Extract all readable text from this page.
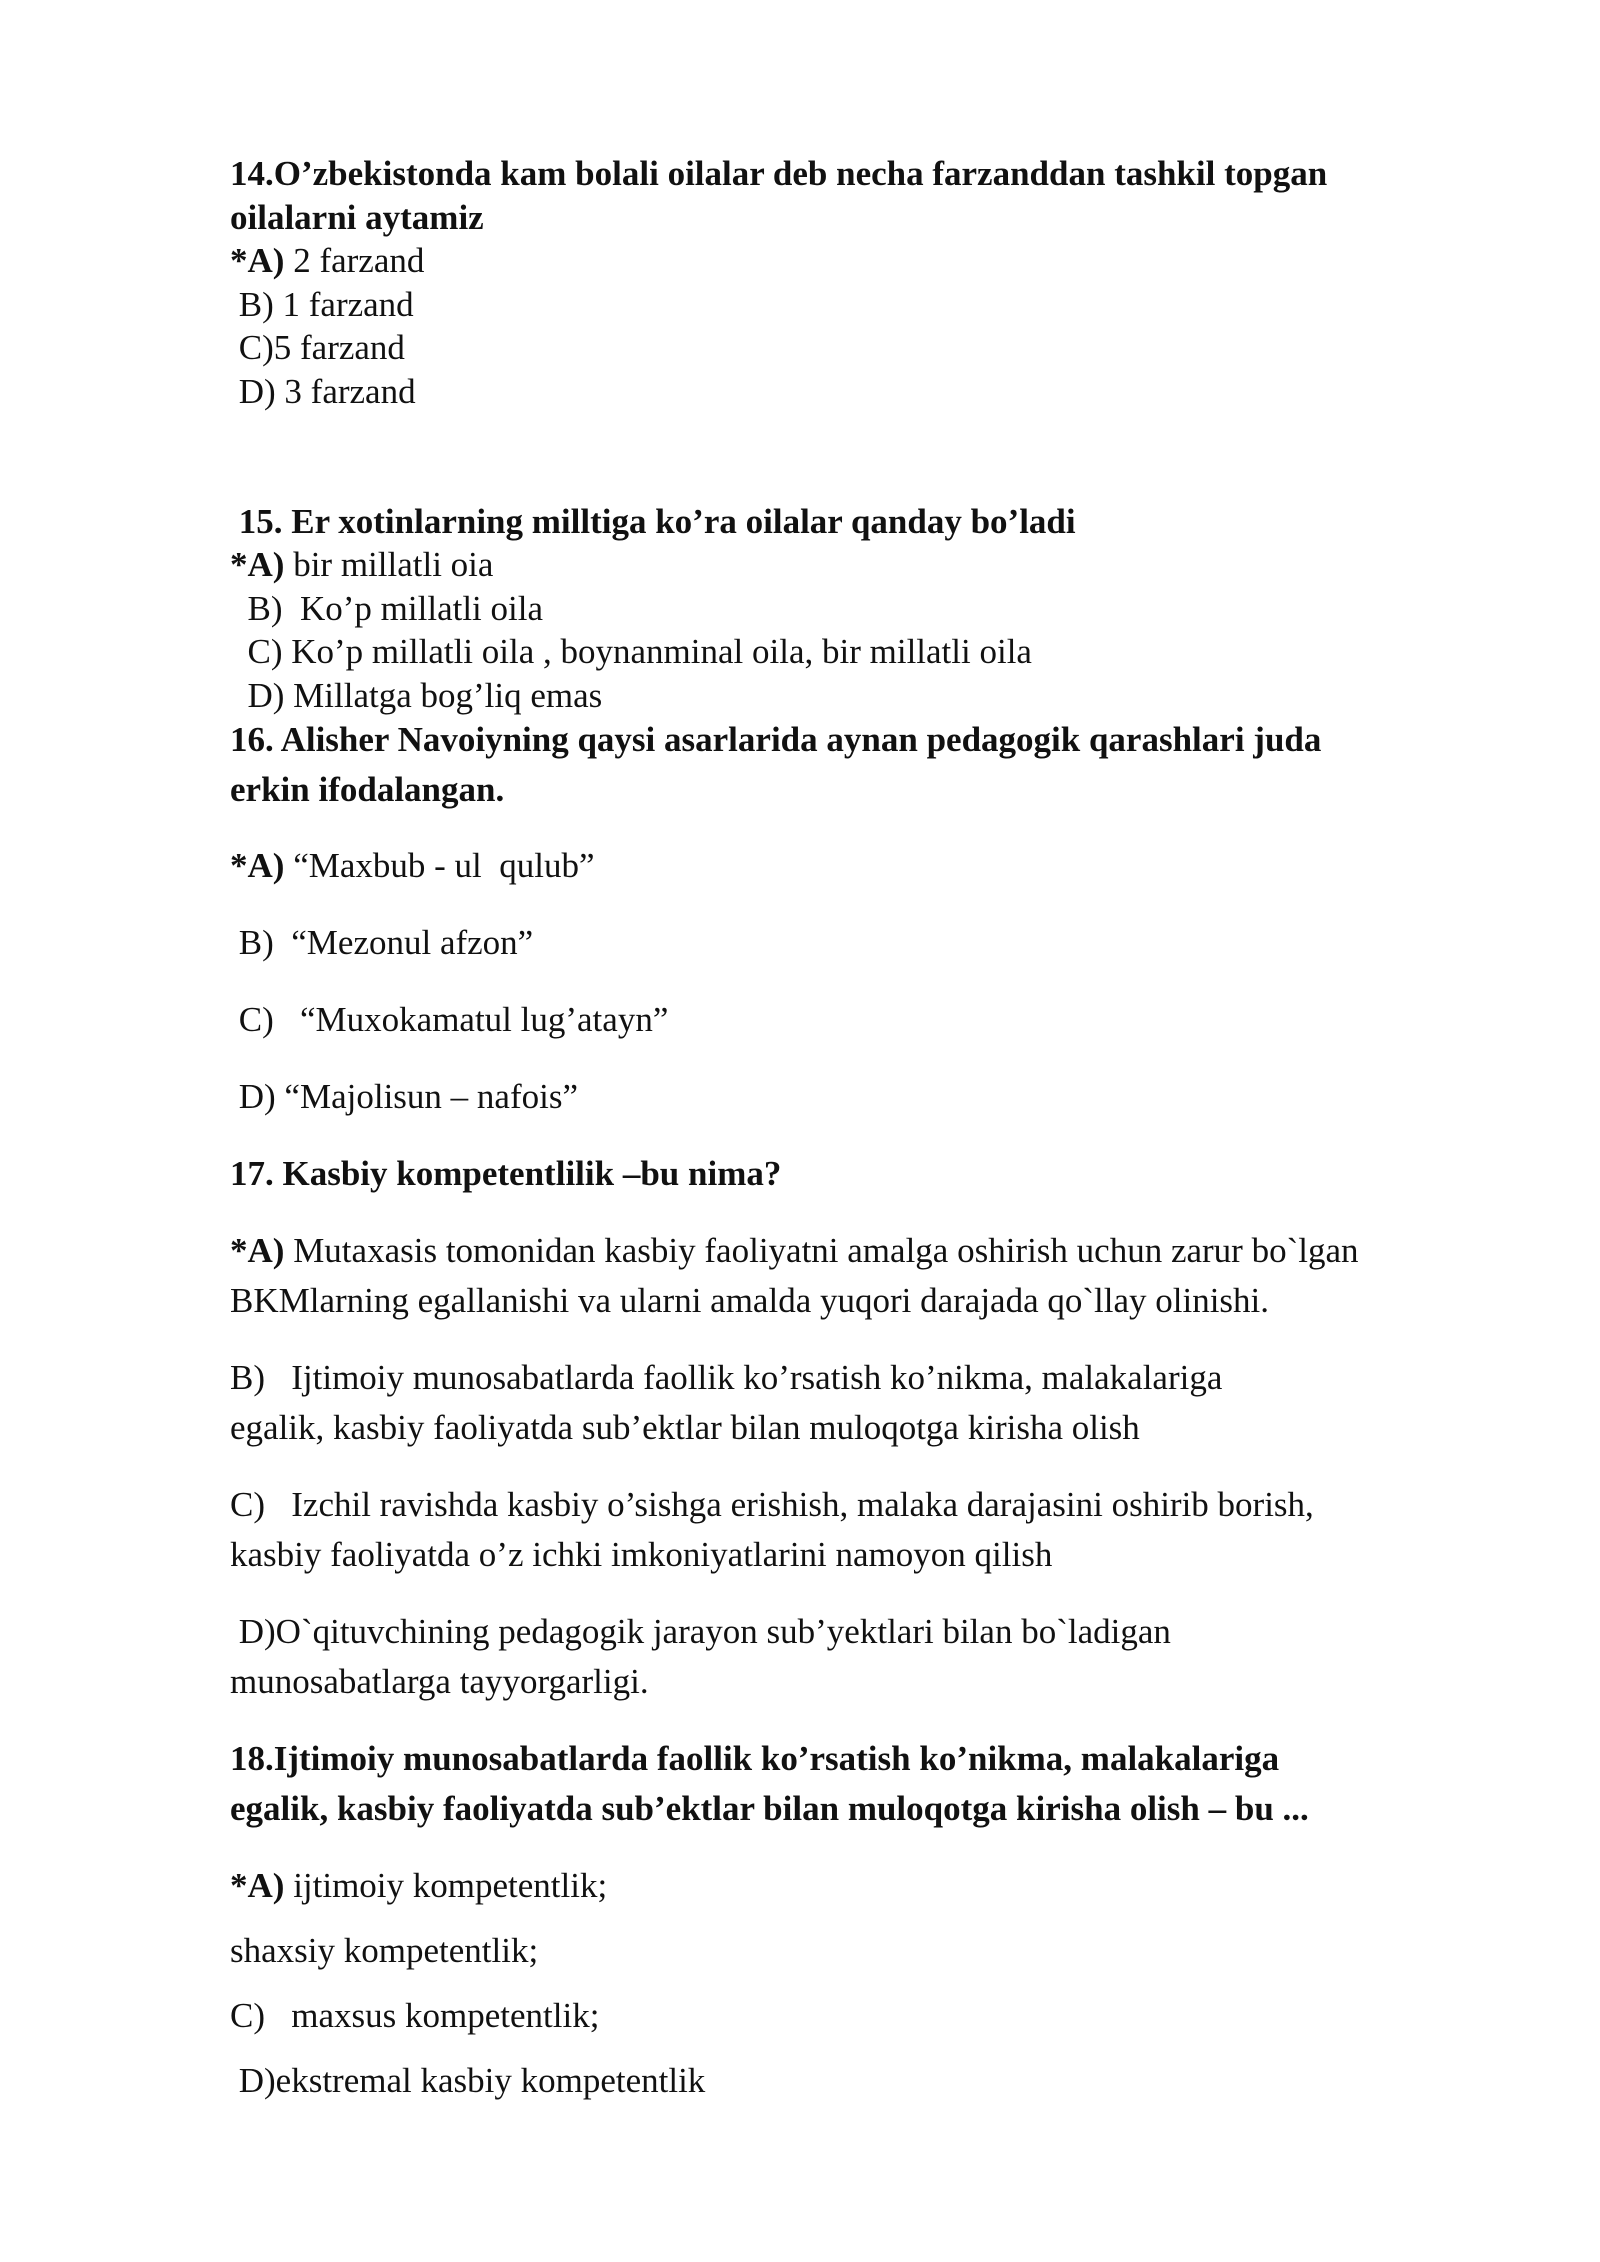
14.O’zbekistonda kam bolali oilalar deb necha farzanddan tashkil topgan

oilalarni aytamiz

*A) 2 farzand

B) 1 farzand

C)5 farzand

D) 3 farzand

15. Er xotinlarning milltiga ko’ra oilalar qanday bo’ladi

*A) bir millatli oia

B)  Ko’p millatli oila

C) Ko’p millatli oila , boynanminal oila, bir millatli oila

D) Millatga bog’liq emas

16. Alisher Navoiyning qaysi asarlarida aynan pedagogik qarashlari juda

erkin ifodalangan.

*A) “Maxbub - ul  qulub”

B)  “Mezonul afzon”

C)   “Muxokamatul lug’atayn”

D) “Majolisun – nafois”

17. Kasbiy kompetentlilik –bu nima?

*A) Mutaxasis tomonidan kasbiy faoliyatni amalga oshirish uchun zarur bo`lgan

BKMlarning egallanishi va ularni amalda yuqori darajada qo`llay olinishi.

B)   Ijtimoiy munosabatlarda faollik ko’rsatish ko’nikma, malakalariga

egalik, kasbiy faoliyatda sub’ektlar bilan muloqotga kirisha olish

C)   Izchil ravishda kasbiy o’sishga erishish, malaka darajasini oshirib borish,

kasbiy faoliyatda o’z ichki imkoniyatlarini namoyon qilish

D)O`qituvchining pedagogik jarayon sub’yektlari bilan bo`ladigan

munosabatlarga tayyorgarligi.

18.Ijtimoiy munosabatlarda faollik ko’rsatish ko’nikma, malakalariga

egalik, kasbiy faoliyatda sub’ektlar bilan muloqotga kirisha olish – bu ...

*A) ijtimoiy kompetentlik;

shaxsiy kompetentlik;

C)   maxsus kompetentlik;

D)ekstremal kasbiy kompetentlik
